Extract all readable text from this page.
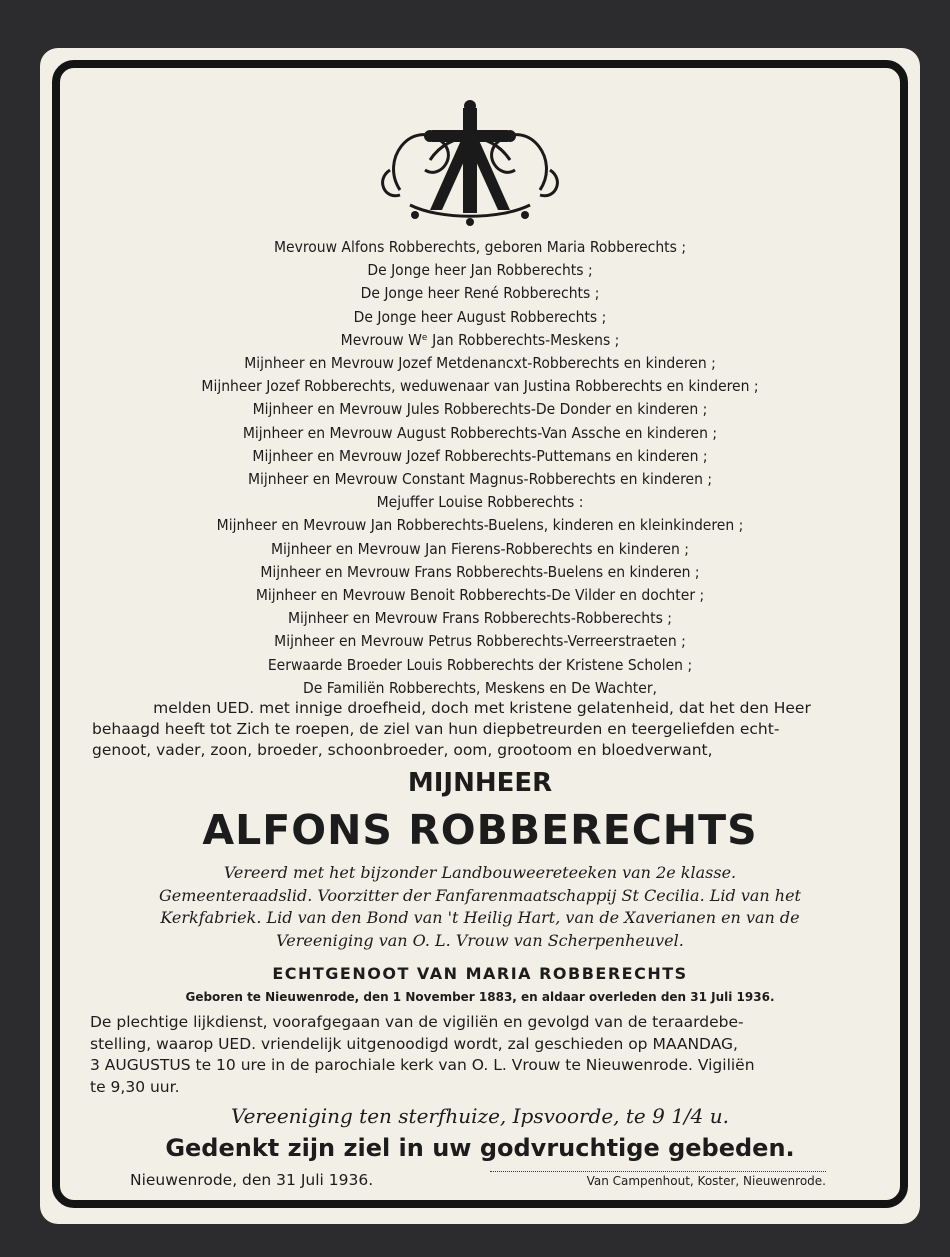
Mevrouw Alfons Robberechts, geboren Maria Robberechts ;
De Jonge heer Jan Robberechts ;
De Jonge heer René Robberechts ;
De Jonge heer August Robberechts ;
Mevrouw Wᵉ Jan Robberechts-Meskens ;
Mijnheer en Mevrouw Jozef Metdenancxt-Robberechts en kinderen ;
Mijnheer Jozef Robberechts, weduwenaar van Justina Robberechts en kinderen ;
Mijnheer en Mevrouw Jules Robberechts-De Donder en kinderen ;
Mijnheer en Mevrouw August Robberechts-Van Assche en kinderen ;
Mijnheer en Mevrouw Jozef Robberechts-Puttemans en kinderen ;
Mijnheer en Mevrouw Constant Magnus-Robberechts en kinderen ;
Mejuffer Louise Robberechts :
Mijnheer en Mevrouw Jan Robberechts-Buelens, kinderen en kleinkinderen ;
Mijnheer en Mevrouw Jan Fierens-Robberechts en kinderen ;
Mijnheer en Mevrouw Frans Robberechts-Buelens en kinderen ;
Mijnheer en Mevrouw Benoit Robberechts-De Vilder en dochter ;
Mijnheer en Mevrouw Frans Robberechts-Robberechts ;
Mijnheer en Mevrouw Petrus Robberechts-Verreerstraeten ;
Eerwaarde Broeder Louis Robberechts der Kristene Scholen ;
De Familiën Robberechts, Meskens en De Wachter,
melden UED. met innige droefheid, doch met kristene gelatenheid, dat het den Heer
behaagd heeft tot Zich te roepen, de ziel van hun diepbetreurden en teergeliefden echt-
genoot, vader, zoon, broeder, schoonbroeder, oom, grootoom en bloedverwant,
MIJNHEER
ALFONS ROBBERECHTS
Vereerd met het bijzonder Landbouweereteeken van 2e klasse.
Gemeenteraadslid. Voorzitter der Fanfarenmaatschappij St Cecilia. Lid van het
Kerkfabriek. Lid van den Bond van 't Heilig Hart, van de Xaverianen en van de
Vereeniging van O. L. Vrouw van Scherpenheuvel.
ECHTGENOOT VAN MARIA ROBBERECHTS
Geboren te Nieuwenrode, den 1 November 1883, en aldaar overleden den 31 Juli 1936.
De plechtige lijkdienst, voorafgegaan van de vigiliën en gevolgd van de teraardebe-
stelling, waarop UED. vriendelijk uitgenoodigd wordt, zal geschieden op MAANDAG,
3 AUGUSTUS te 10 ure in de parochiale kerk van O. L. Vrouw te Nieuwenrode. Vigiliën
te 9,30 uur.
Vereeniging ten sterfhuize, Ipsvoorde, te 9 1/4 u.
Gedenkt zijn ziel in uw godvruchtige gebeden.
Nieuwenrode, den 31 Juli 1936.	Van Campenhout, Koster, Nieuwenrode.
